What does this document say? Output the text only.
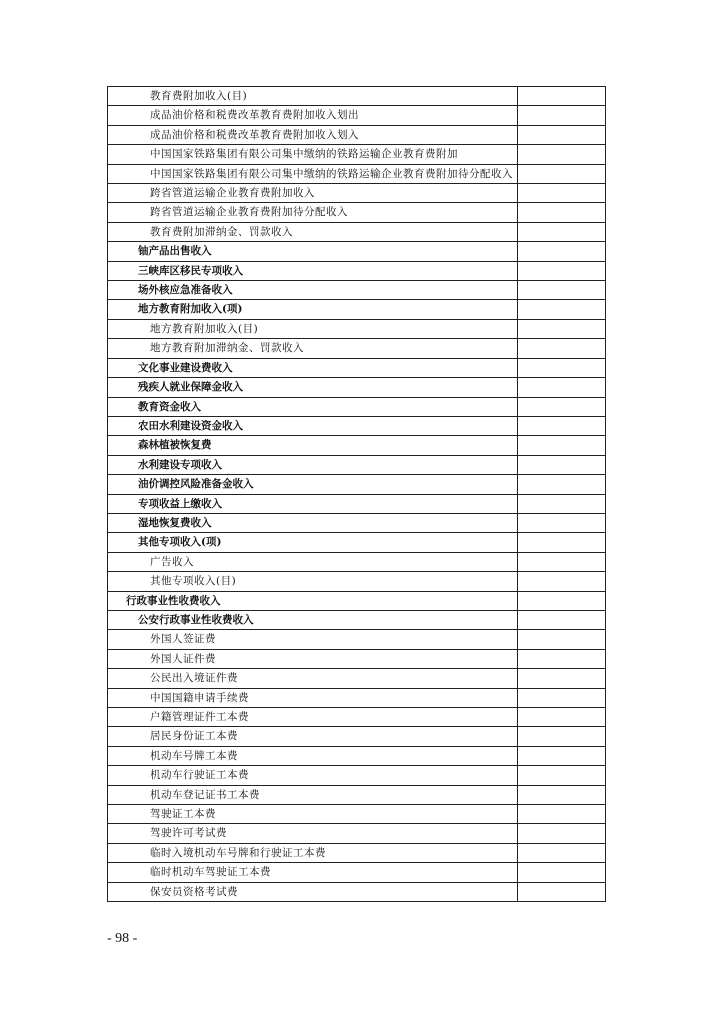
教育费附加收入(目)	
成品油价格和税费改革教育费附加收入划出	
成品油价格和税费改革教育费附加收入划入	
中国国家铁路集团有限公司集中缴纳的铁路运输企业教育费附加	
中国国家铁路集团有限公司集中缴纳的铁路运输企业教育费附加待分配收入	
跨省管道运输企业教育费附加收入	
跨省管道运输企业教育费附加待分配收入	
教育费附加滞纳金、罚款收入	
铀产品出售收入	
三峡库区移民专项收入	
场外核应急准备收入	
地方教育附加收入(项)	
地方教育附加收入(目)	
地方教育附加滞纳金、罚款收入	
文化事业建设费收入	
残疾人就业保障金收入	
教育资金收入	
农田水利建设资金收入	
森林植被恢复费	
水利建设专项收入	
油价调控风险准备金收入	
专项收益上缴收入	
湿地恢复费收入	
其他专项收入(项)	
广告收入	
其他专项收入(目)	
行政事业性收费收入	
公安行政事业性收费收入	
外国人签证费	
外国人证件费	
公民出入境证件费	
中国国籍申请手续费	
户籍管理证件工本费	
居民身份证工本费	
机动车号牌工本费	
机动车行驶证工本费	
机动车登记证书工本费	
驾驶证工本费	
驾驶许可考试费	
临时入境机动车号牌和行驶证工本费	
临时机动车驾驶证工本费	
保安员资格考试费	
- 98 -
